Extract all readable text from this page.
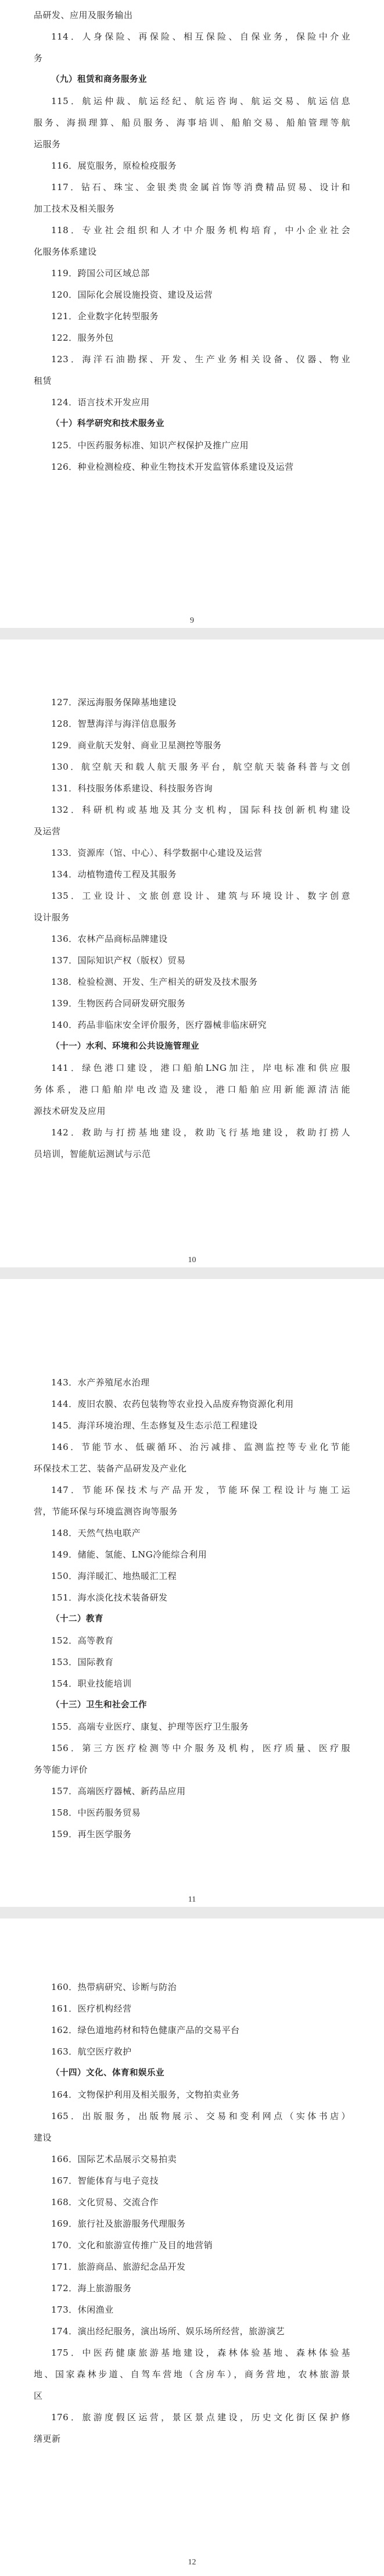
品研发、应用及服务输出
114．人身保险、再保险、相互保险、自保业务，保险中介业
务
（九）租赁和商务服务业
115．航运仲裁、航运经纪、航运咨询、航运交易、航运信息
服务、海损理算、船员服务、海事培训、船舶交易、船舶管理等航
运服务
116．展览服务，原检检疫服务
117．钻石、珠宝、金银类贵金属首饰等消费精品贸易、设计和
加工技术及相关服务
118．专业社会组织和人才中介服务机构培育，中小企业社会
化服务体系建设
119．跨国公司区域总部
120．国际化会展设施投资、建设及运营
121．企业数字化转型服务
122．服务外包
123．海洋石油勘探、开发、生产业务相关设备、仪器、物业
租赁
124．语言技术开发应用
（十）科学研究和技术服务业
125．中医药服务标准、知识产权保护及推广应用
126．种业检测检疫、种业生物技术开发监管体系建设及运营
9
127．深远海服务保障基地建设
128．智慧海洋与海洋信息服务
129．商业航天发射、商业卫星测控等服务
130．航空航天和载人航天服务平台，航空航天装备科普与文创
131．科技服务体系建设、科技服务咨询
132．科研机构或基地及其分支机构，国际科技创新机构建设
及运营
133．资源库（馆、中心）、科学数据中心建设及运营
134．动植物遗传工程及其服务
135．工业设计、文旅创意设计、建筑与环境设计、数字创意
设计服务
136．农林产品商标品牌建设
137．国际知识产权（版权）贸易
138．检验检测、开发、生产相关的研发及技术服务
139．生物医药合同研发研究服务
140．药品非临床安全评价服务，医疗器械非临床研究
（十一）水利、环境和公共设施管理业
141．绿色港口建设，港口船舶LNG加注，岸电标准和供应服
务体系，港口船舶岸电改造及建设，港口船舶应用新能源清洁能
源技术研发及应用
142．救助与打捞基地建设，救助飞行基地建设，救助打捞人
员培训，智能航运测试与示范
10
143．水产养殖尾水治理
144．废旧农膜、农药包装物等农业投入品废弃物资源化利用
145．海洋环境治理、生态修复及生态示范工程建设
146．节能节水、低碳循环、治污减排、监测监控等专业化节能
环保技术工艺、装备产品研发及产业化
147．节能环保技术与产品开发，节能环保工程设计与施工运
营，节能环保与环境监测咨询等服务
148．天然气热电联产
149．储能、氢能、LNG冷能综合利用
150．海洋暖汇、地热暖汇工程
151．海水淡化技术装备研发
（十二）教育
152．高等教育
153．国际教育
154．职业技能培训
（十三）卫生和社会工作
155．高端专业医疗、康复、护理等医疗卫生服务
156．第三方医疗检测等中介服务及机构，医疗质量、医疗服
务等能力评价
157．高端医疗器械、新药品应用
158．中医药服务贸易
159．再生医学服务
11
160．热带病研究、诊断与防治
161．医疗机构经营
162．绿色道地药材和特色健康产品的交易平台
163．航空医疗救护
（十四）文化、体育和娱乐业
164．文物保护利用及相关服务，文物拍卖业务
165．出版服务，出版物展示、交易和变利网点（实体书店）
建设
166．国际艺术品展示交易拍卖
167．智能体育与电子竞技
168．文化贸易、交流合作
169．旅行社及旅游服务代理服务
170．文化和旅游宣传推广及目的地营销
171．旅游商品、旅游纪念品开发
172．海上旅游服务
173．休闲渔业
174．演出经纪服务，演出场所、娱乐场所经营，旅游演艺
175．中医药健康旅游基地建设，森林体验基地、森林体验基
地、国家森林步道、自驾车营地（含房车），商务营地，农林旅游景
区
176．旅游度假区运营，景区景点建设，历史文化街区保护修
缮更新
12
